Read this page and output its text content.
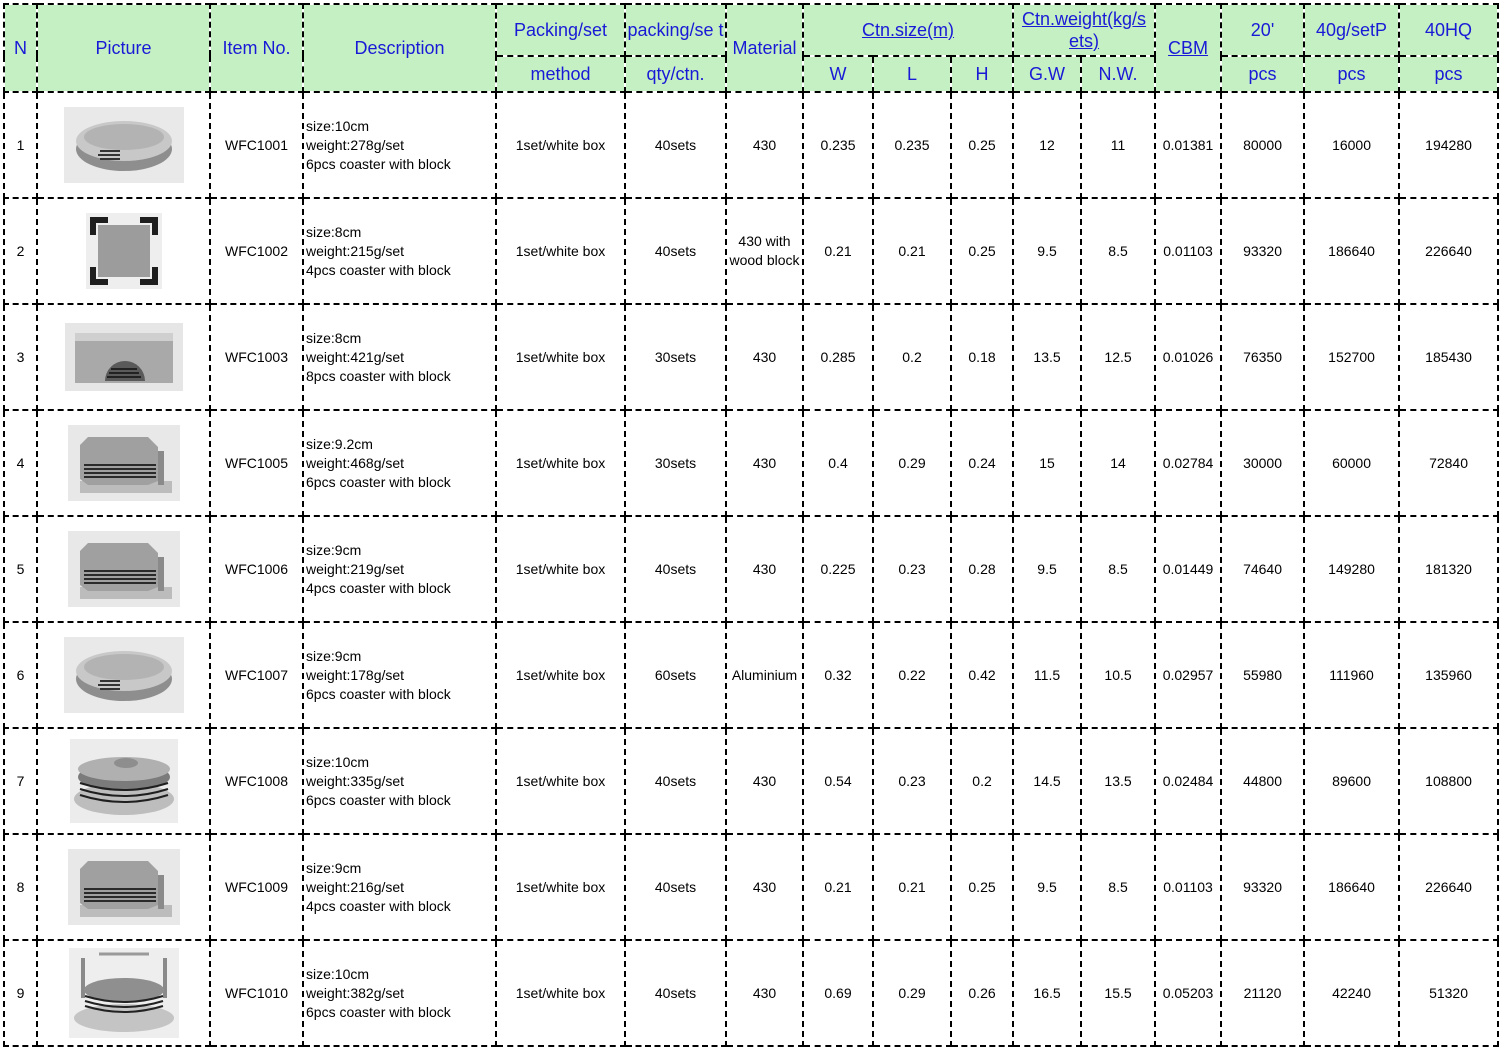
N	Picture	Item No.	Description	Packing/set	packing/se t	Material	Ctn.size(m)			Ctn.weight(kg/s ets)		CBM	20'	40g/setP	40HQ
				method	qty/ctn.		W	L	H	G.W	N.W.		pcs	pcs	pcs
1		WFC1001	size:10cm
weight:278g/set
6pcs coaster with block	1set/white box	40sets	430	0.235	0.235	0.25	12	11	0.01381	80000	16000	194280
2		WFC1002	size:8cm
weight:215g/set
4pcs coaster with block	1set/white box	40sets	430 with wood block	0.21	0.21	0.25	9.5	8.5	0.01103	93320	186640	226640
3		WFC1003	size:8cm
weight:421g/set
8pcs coaster with block	1set/white box	30sets	430	0.285	0.2	0.18	13.5	12.5	0.01026	76350	152700	185430
4		WFC1005	size:9.2cm
weight:468g/set
6pcs coaster with block	1set/white box	30sets	430	0.4	0.29	0.24	15	14	0.02784	30000	60000	72840
5		WFC1006	size:9cm
weight:219g/set
4pcs coaster with block	1set/white box	40sets	430	0.225	0.23	0.28	9.5	8.5	0.01449	74640	149280	181320
6		WFC1007	size:9cm
weight:178g/set
6pcs coaster with block	1set/white box	60sets	Aluminium	0.32	0.22	0.42	11.5	10.5	0.02957	55980	111960	135960
7		WFC1008	size:10cm
weight:335g/set
6pcs coaster with block	1set/white box	40sets	430	0.54	0.23	0.2	14.5	13.5	0.02484	44800	89600	108800
8		WFC1009	size:9cm
weight:216g/set
4pcs coaster with block	1set/white box	40sets	430	0.21	0.21	0.25	9.5	8.5	0.01103	93320	186640	226640
9		WFC1010	size:10cm
weight:382g/set
6pcs coaster with block	1set/white box	40sets	430	0.69	0.29	0.26	16.5	15.5	0.05203	21120	42240	51320
